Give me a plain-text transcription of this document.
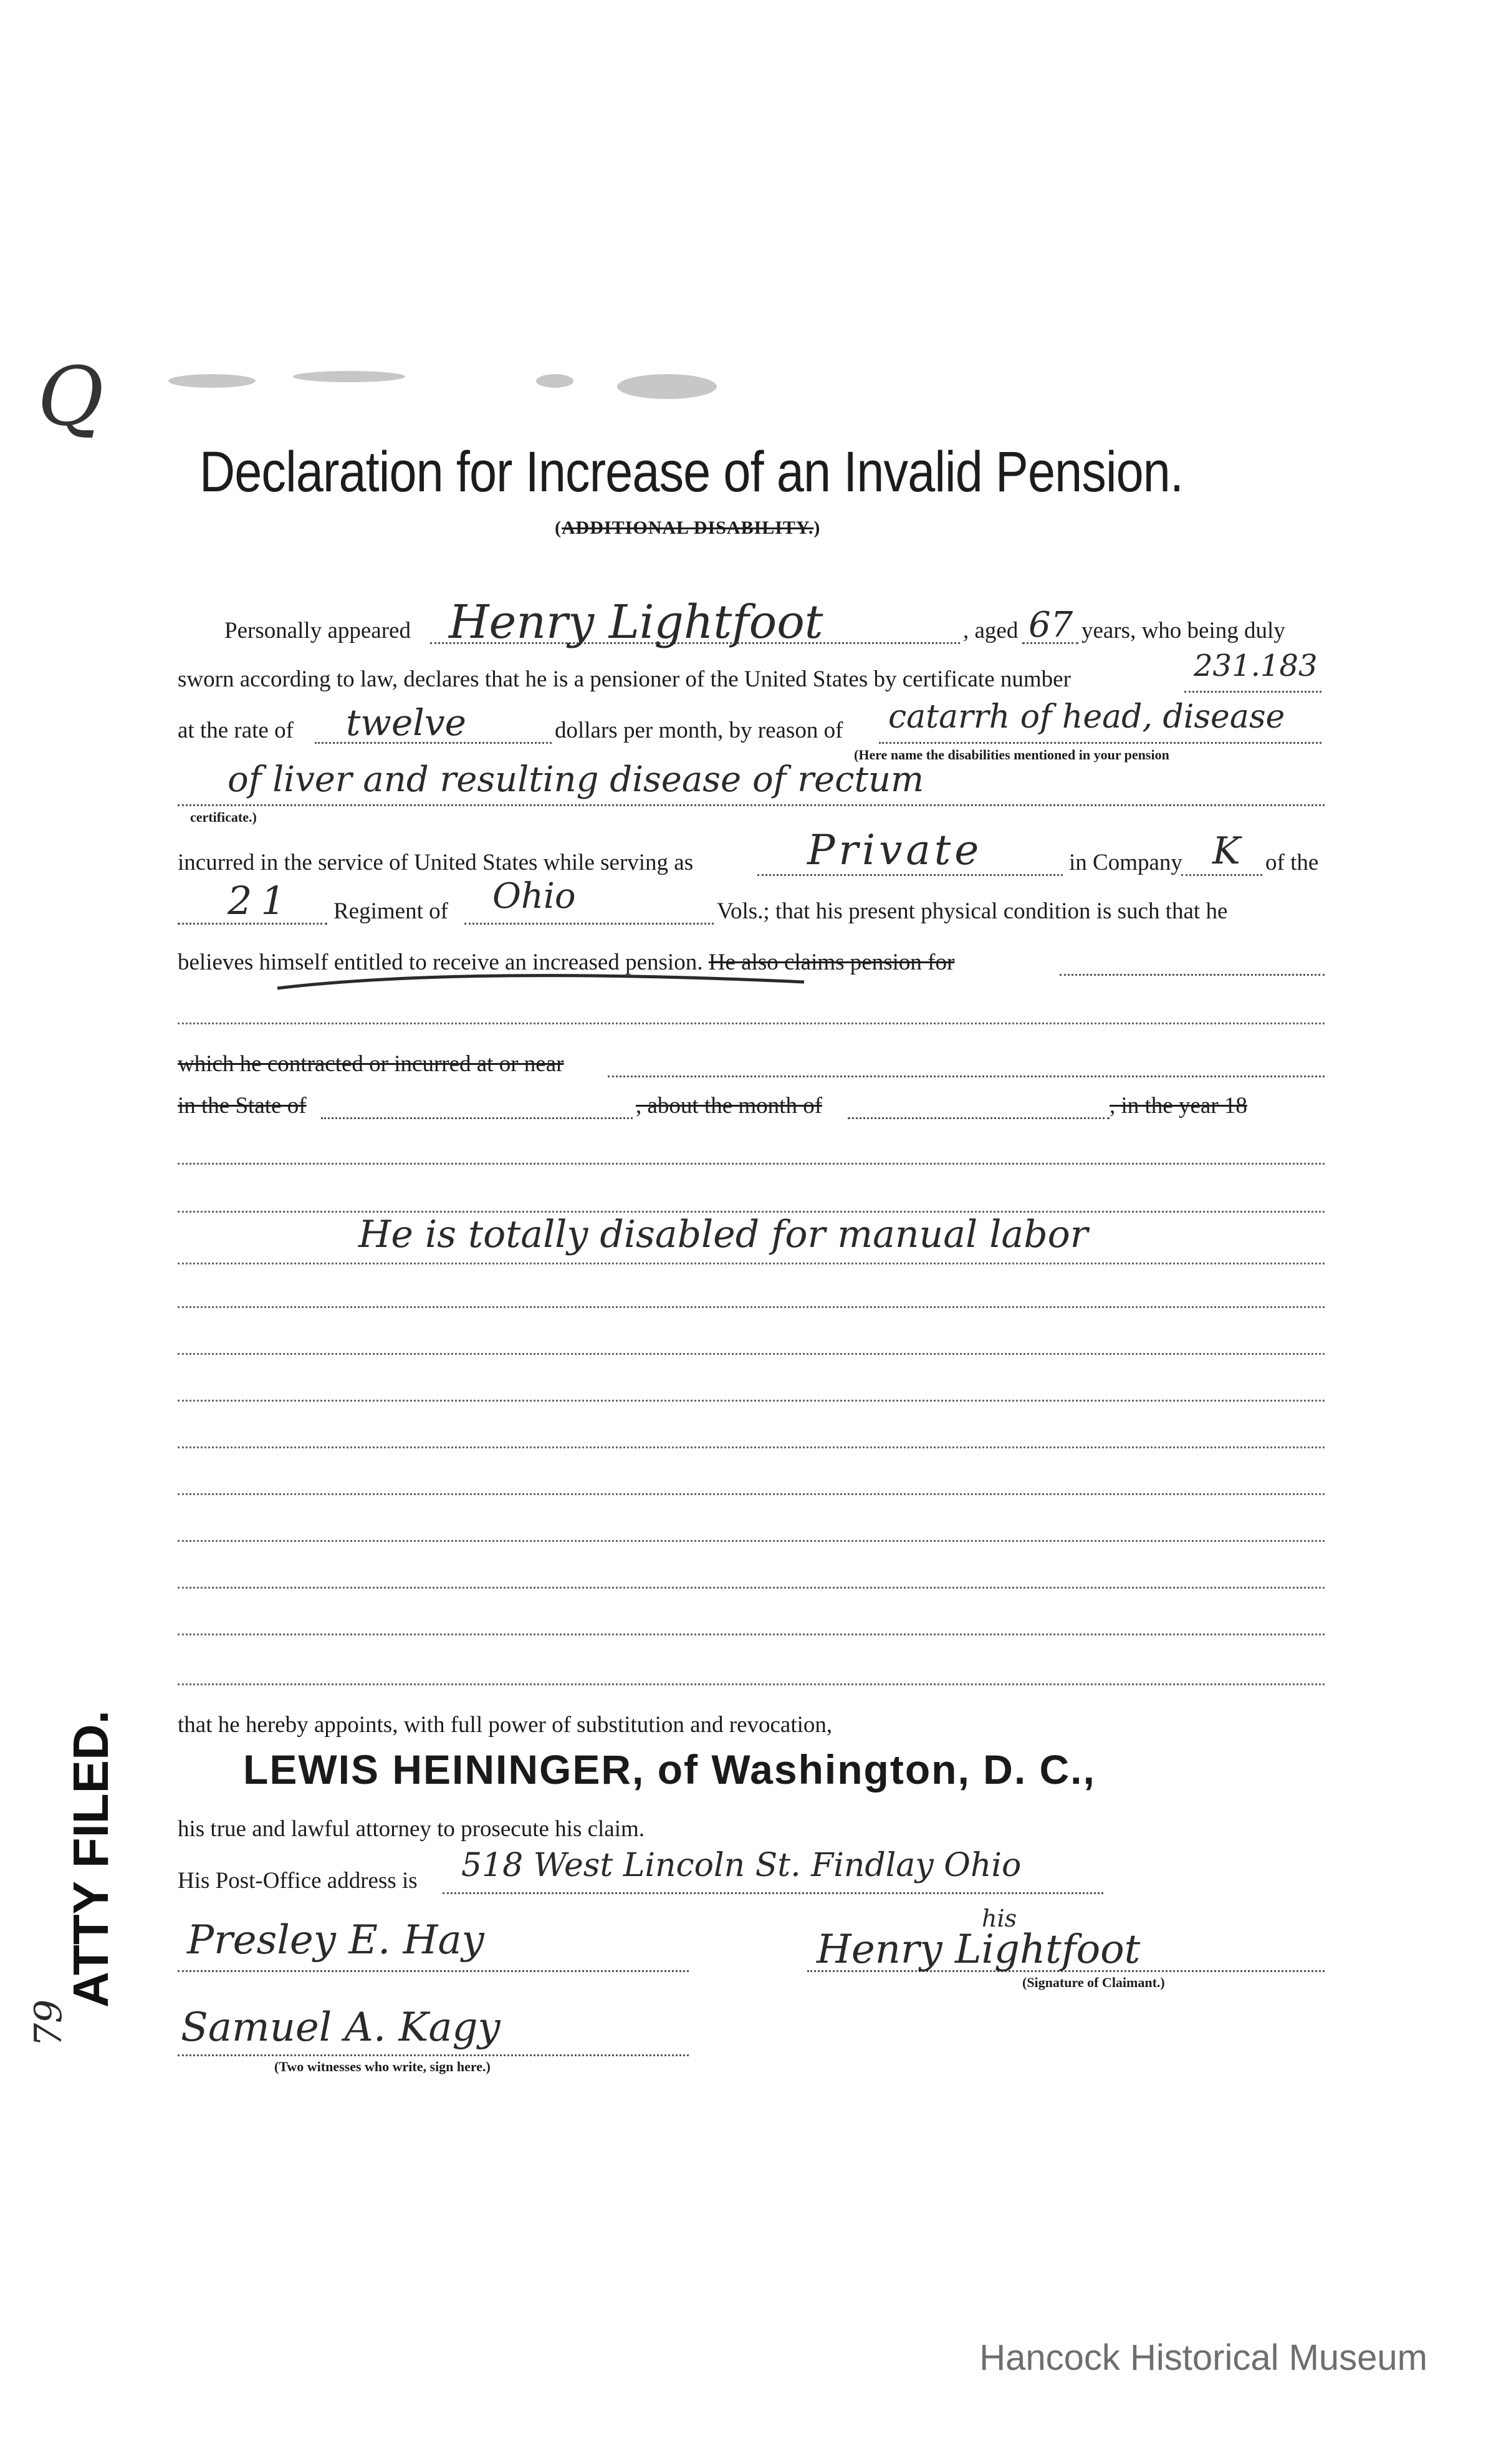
Q
Declaration for Increase of an Invalid Pension.
(ADDITIONAL DISABILITY.)
Personally appeared Henry Lightfoot	, aged 67 years, who being duly
sworn according to law, declares that he is a pensioner of the United States by certificate number	231.183
at the rate of twelve	dollars per month, by reason of catarrh of head, disease
(Here name the disabilities mentioned in your pension
of liver and resulting disease of rectum
certificate.)
incurred in the service of United States while serving as	Private	in Company K of the
21 Regiment of Ohio	Vols.; that his present physical condition is such that he
believes himself entitled to receive an increased pension. He also claims pension for
which he contracted or incurred at or near
in the State of	, about the month of	, in the year 18
He is totally disabled for manual labor
that he hereby appoints, with full power of substitution and revocation,
LEWIS HEININGER, of Washington, D. C.,
his true and lawful attorney to prosecute his claim.
His Post-Office address is 518 West Lincoln St. Findlay Ohio
Presley E. Hay	his
Henry Lightfoot
(Signature of Claimant.)
Samuel A. Kagy
(Two witnesses who write, sign here.)
ATTY FILED.
79
Hancock Historical Museum
